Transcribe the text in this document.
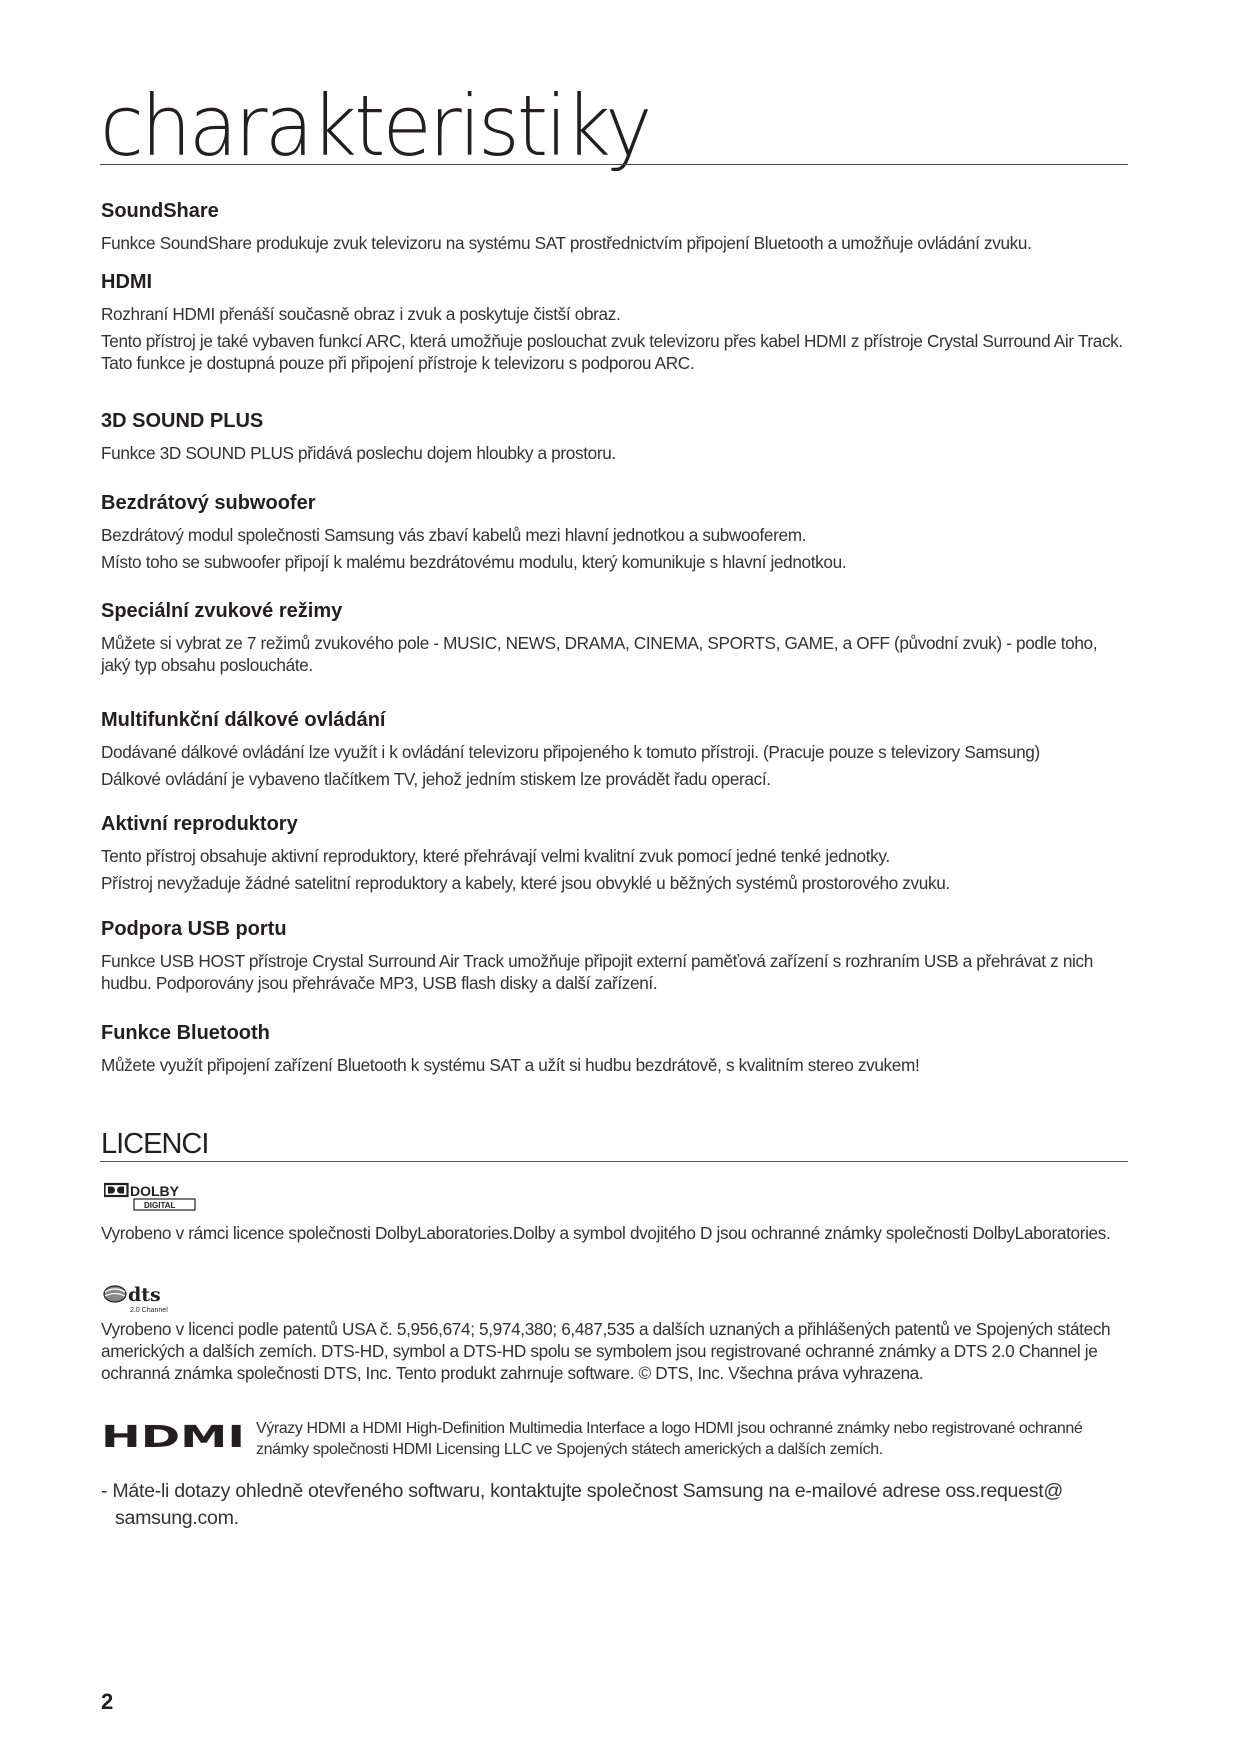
charakteristiky
SoundShare

Funkce SoundShare produkuje zvuk televizoru na systému SAT prostřednictvím připojení Bluetooth a umožňuje ovládání zvuku.

HDMI

Rozhraní HDMI přenáší současně obraz i zvuk a poskytuje čistší obraz.

Tento přístroj je také vybaven funkcí ARC, která umožňuje poslouchat zvuk televizoru přes kabel HDMI z přístroje Crystal Surround Air Track. Tato funkce je dostupná pouze při připojení přístroje k televizoru s podporou ARC.

3D SOUND PLUS

Funkce 3D SOUND PLUS přidává poslechu dojem hloubky a prostoru.

Bezdrátový subwoofer

Bezdrátový modul společnosti Samsung vás zbaví kabelů mezi hlavní jednotkou a subwooferem.

Místo toho se subwoofer připojí k malému bezdrátovému modulu, který komunikuje s hlavní jednotkou.

Speciální zvukové režimy

Můžete si vybrat ze 7 režimů zvukového pole - MUSIC, NEWS, DRAMA, CINEMA, SPORTS, GAME, a OFF (původní zvuk) - podle toho, jaký typ obsahu posloucháte.

Multifunkční dálkové ovládání

Dodávané dálkové ovládání lze využít i k ovládání televizoru připojeného k tomuto přístroji. (Pracuje pouze s televizory Samsung)

Dálkové ovládání je vybaveno tlačítkem TV, jehož jedním stiskem lze provádět řadu operací.

Aktivní reproduktory

Tento přístroj obsahuje aktivní reproduktory, které přehrávají velmi kvalitní zvuk pomocí jedné tenké jednotky.

Přístroj nevyžaduje žádné satelitní reproduktory a kabely, které jsou obvyklé u běžných systémů prostorového zvuku.

Podpora USB portu

Funkce USB HOST přístroje Crystal Surround Air Track umožňuje připojit externí paměťová zařízení s rozhraním USB a přehrávat z nich hudbu. Podporovány jsou přehrávače MP3, USB flash disky a další zařízení.

Funkce Bluetooth

Můžete využít připojení zařízení Bluetooth k systému SAT a užít si hudbu bezdrátově, s kvalitním stereo zvukem!

LICENCI
DOLBY
DIGITAL

Vyrobeno v rámci licence společnosti DolbyLaboratories.Dolby a symbol dvojitého D jsou ochranné známky společnosti DolbyLaboratories.

dts
2.0 Channel

Vyrobeno v licenci podle patentů USA č. 5,956,674; 5,974,380; 6,487,535 a dalších uznaných a přihlášených patentů ve Spojených státech amerických a dalších zemích. DTS-HD, symbol a DTS-HD spolu se symbolem jsou registrované ochranné známky a DTS 2.0 Channel je ochranná známka společnosti DTS, Inc. Tento produkt zahrnuje software. © DTS, Inc. Všechna práva vyhrazena.

HDMI Výrazy HDMI a HDMI High-Definition Multimedia Interface a logo HDMI jsou ochranné známky nebo registrované ochranné známky společnosti HDMI Licensing LLC ve Spojených státech amerických a dalších zemích.

- Máte-li dotazy ohledně otevřeného softwaru, kontaktujte společnost Samsung na e-mailové adrese oss.request@ samsung.com.

2
